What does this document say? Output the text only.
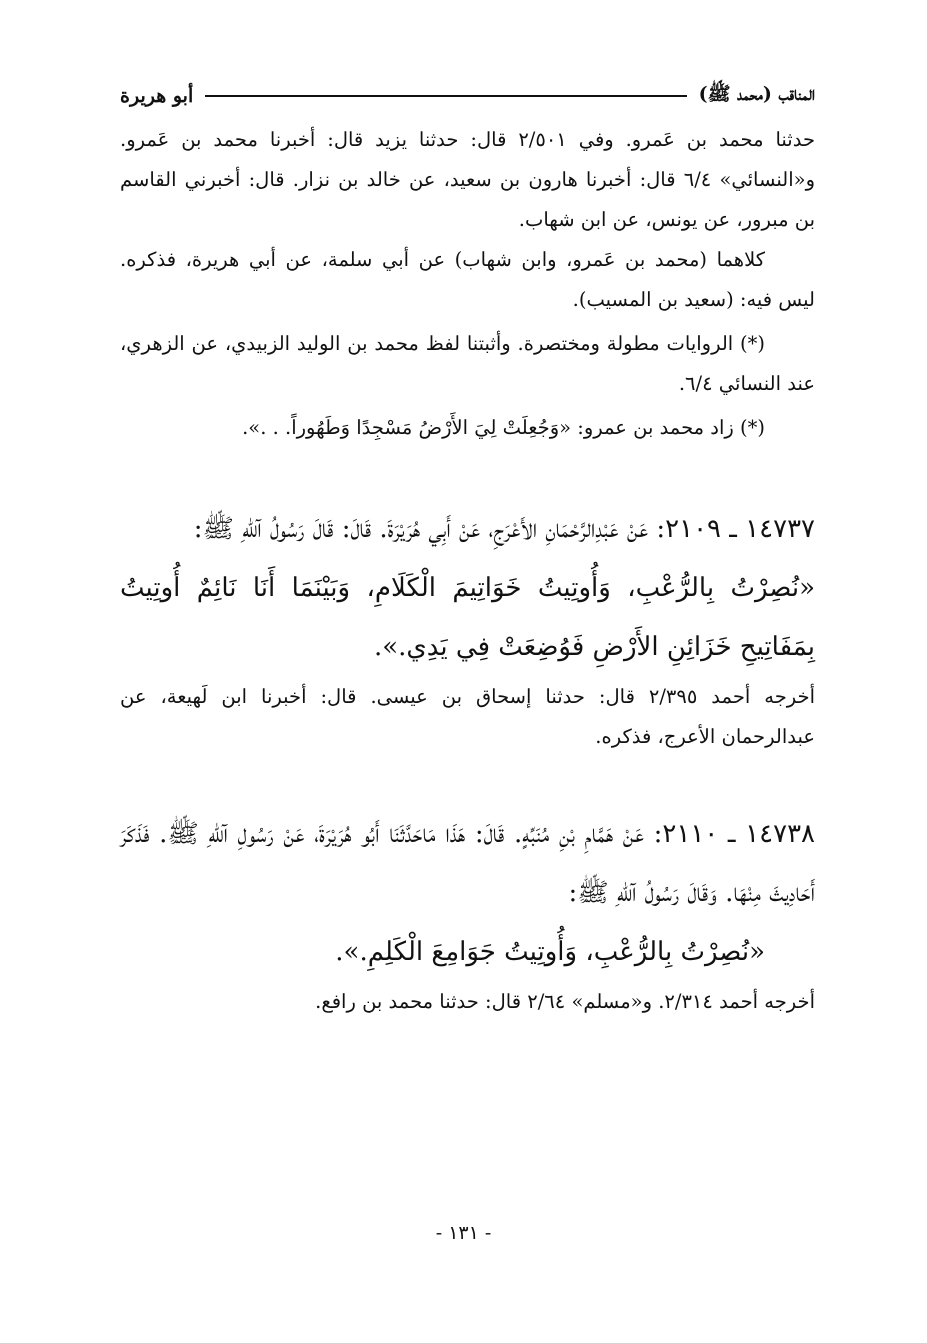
المناقب (محمد ﷺ)
أبو هريرة

حدثنا محمد بن عَمرو. وفي ٢/٥٠١ قال: حدثنا يزيد قال: أخبرنا محمد بن عَمرو. و«النسائي» ٦/٤ قال: أخبرنا هارون بن سعيد، عن خالد بن نزار. قال: أخبرني القاسم بن مبرور، عن يونس، عن ابن شهاب.

كلاهما (محمد بن عَمرو، وابن شهاب) عن أبي سلمة، عن أبي هريرة، فذكره. ليس فيه: (سعيد بن المسيب).

(*) الروايات مطولة ومختصرة. وأثبتنا لفظ محمد بن الوليد الزبيدي، عن الزهري، عند النسائي ٦/٤.

(*) زاد محمد بن عمرو: «وَجُعِلَتْ لِيَ الأَرْضُ مَسْجِدًا وَطَهُوراً. . .».

١٤٧٣٧ ـ ٢١٠٩: عَنْ عَبْدِالرَّحْمَانِ الأَعْرَجِ، عَنْ أَبِي هُرَيْرَةَ. قَالَ: قَالَ رَسُولُ آللهِ ﷺ:

«نُصِرْتُ بِالرُّعْبِ، وَأُوتِيتُ خَوَاتِيمَ الْكَلَامِ، وَبَيْنَمَا أَنَا نَائِمٌ أُوتِيتُ بِمَفَاتِيحِ خَزَائِنِ الأَرْضِ فَوُضِعَتْ فِي يَدِي.».

أخرجه أحمد ٢/٣٩٥ قال: حدثنا إسحاق بن عيسى. قال: أخبرنا ابن لَهيعة، عن عبدالرحمان الأعرج، فذكره.

١٤٧٣٨ ـ ٢١١٠: عَنْ هَمَّامِ بْنِ مُنَبِّهٍ. قَالَ: هَذَا مَاحَدَّثَنَا أَبُو هُرَيْرَةَ، عَنْ رَسُولِ آللهِ ﷺ. فَذَكَرَ أَحَادِيثَ مِنْهَا. وَقَالَ رَسُولُ آللهِ ﷺ:

«نُصِرْتُ بِالرُّعْبِ، وَأُوتِيتُ جَوَامِعَ الْكَلِمِ.».

أخرجه أحمد ٢/٣١٤. و«مسلم» ٢/٦٤ قال: حدثنا محمد بن رافع.

- ١٣١ -
